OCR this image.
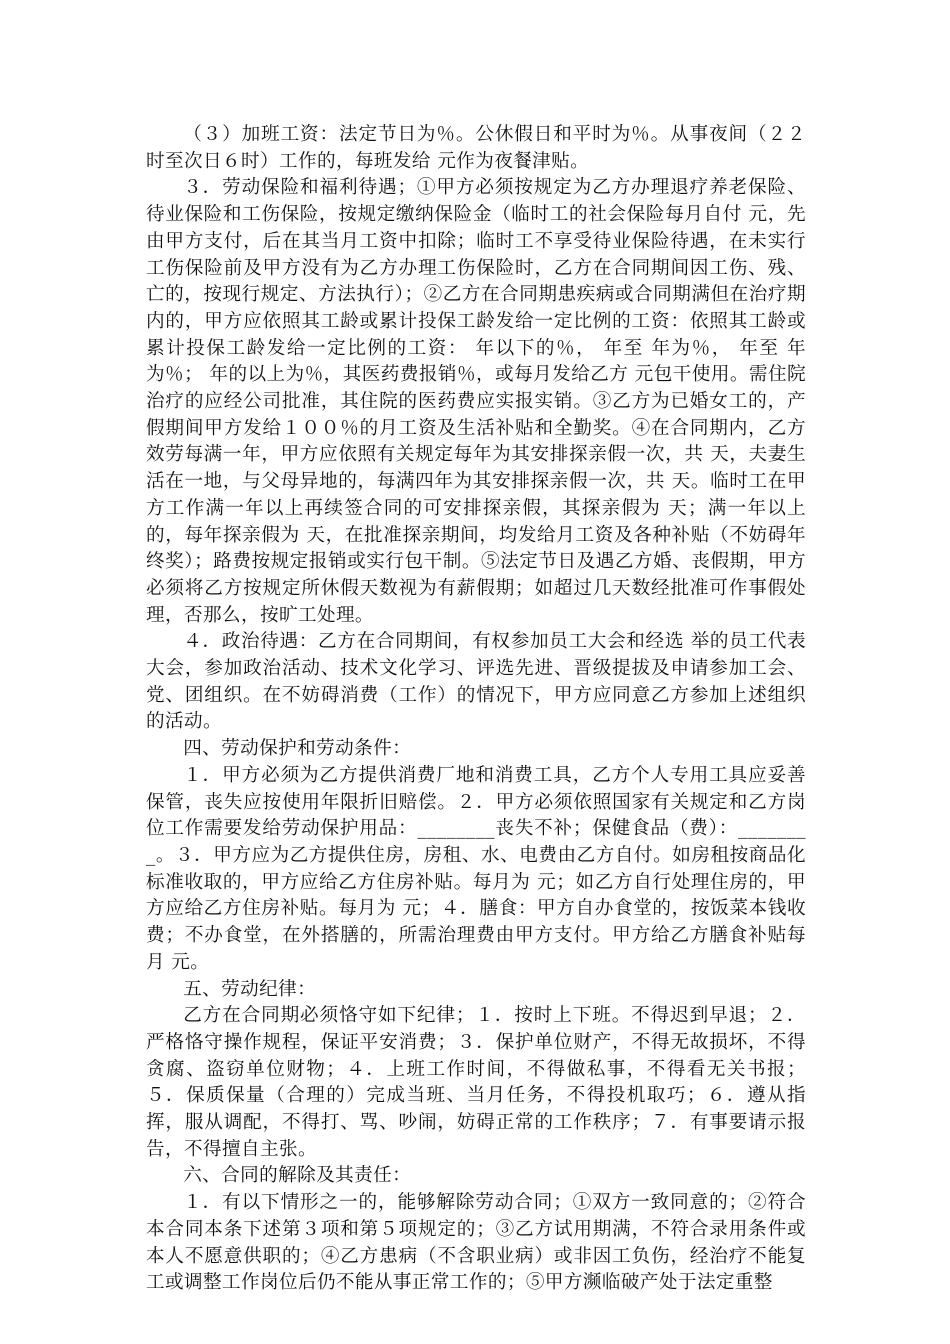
（３）加班工资：法定节日为％。公休假日和平时为％。从事夜间（２２时至次日６时）工作的，每班发给 元作为夜餐津贴。

３．劳动保险和福利待遇；①甲方必须按规定为乙方办理退疗养老保险、待业保险和工伤保险，按规定缴纳保险金（临时工的社会保险每月自付 元，先由甲方支付，后在其当月工资中扣除；临时工不享受待业保险待遇，在未实行工伤保险前及甲方没有为乙方办理工伤保险时，乙方在合同期间因工伤、残、亡的，按现行规定、方法执行）；②乙方在合同期患疾病或合同期满但在治疗期内的，甲方应依照其工龄或累计投保工龄发给一定比例的工资：依照其工龄或累计投保工龄发给一定比例的工资： 年以下的％， 年至 年为％， 年至 年为％； 年的以上为％，其医药费报销％，或每月发给乙方 元包干使用。需住院治疗的应经公司批准，其住院的医药费应实报实销。③乙方为已婚女工的，产假期间甲方发给１００％的月工资及生活补贴和全勤奖。④在合同期内，乙方效劳每满一年，甲方应依照有关规定每年为其安排探亲假一次，共 天，夫妻生活在一地，与父母异地的，每满四年为其安排探亲假一次，共 天。临时工在甲方工作满一年以上再续签合同的可安排探亲假，其探亲假为 天；满一年以上的，每年探亲假为 天，在批准探亲期间，均发给月工资及各种补贴（不妨碍年终奖）；路费按规定报销或实行包干制。⑤法定节日及遇乙方婚、丧假期，甲方必须将乙方按规定所休假天数视为有薪假期；如超过几天数经批准可作事假处理，否那么，按旷工处理。

４．政治待遇：乙方在合同期间，有权参加员工大会和经选 举的员工代表大会，参加政治活动、技术文化学习、评选先进、晋级提拔及申请参加工会、党、团组织。在不妨碍消费（工作）的情况下，甲方应同意乙方参加上述组织的活动。

四、劳动保护和劳动条件：

１．甲方必须为乙方提供消费厂地和消费工具，乙方个人专用工具应妥善保管，丧失应按使用年限折旧赔偿。２．甲方必须依照国家有关规定和乙方岗位工作需要发给劳动保护用品：________丧失不补；保健食品（费）：________。３．甲方应为乙方提供住房，房租、水、电费由乙方自付。如房租按商品化标准收取的，甲方应给乙方住房补贴。每月为 元；如乙方自行处理住房的，甲方应给乙方住房补贴。每月为 元；４．膳食：甲方自办食堂的，按饭菜本钱收费；不办食堂，在外搭膳的，所需治理费由甲方支付。甲方给乙方膳食补贴每月 元。

五、劳动纪律：

乙方在合同期必须恪守如下纪律；１．按时上下班。不得迟到早退；２．严格恪守操作规程，保证平安消费；３．保护单位财产，不得无故损坏，不得贪腐、盗窃单位财物；４．上班工作时间，不得做私事，不得看无关书报；５．保质保量（合理的）完成当班、当月任务，不得投机取巧；６．遵从指挥，服从调配，不得打、骂、吵闹，妨碍正常的工作秩序；７．有事要请示报告，不得擅自主张。

六、合同的解除及其责任：

１．有以下情形之一的，能够解除劳动合同；①双方一致同意的；②符合本合同本条下述第３项和第５项规定的；③乙方试用期满，不符合录用条件或本人不愿意供职的；④乙方患病（不含职业病）或非因工负伤，经治疗不能复工或调整工作岗位后仍不能从事正常工作的；⑤甲方濒临破产处于法定重整
